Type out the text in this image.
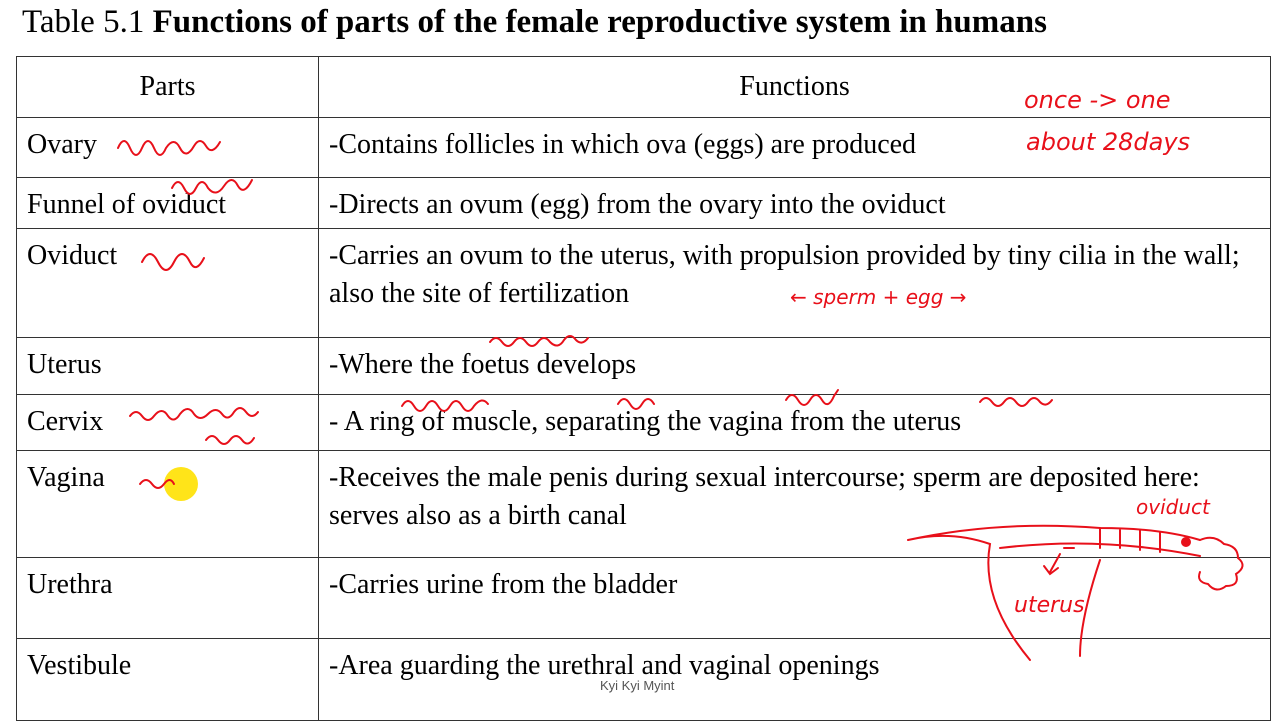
Table 5.1 Functions of parts of the female reproductive system in humans
Parts	Functions
Ovary	-Contains follicles in which ova (eggs) are produced
Funnel of oviduct	-Directs an ovum (egg) from the ovary into the oviduct
Oviduct	-Carries an ovum to the uterus, with propulsion provided by tiny cilia in the wall; also the site of fertilization
Uterus	-Where the foetus develops
Cervix	- A ring of muscle, separating the vagina from the uterus
Vagina	-Receives the male penis during sexual intercourse; sperm are deposited here: serves also as a birth canal
Urethra	-Carries urine from the bladder
Vestibule	-Area guarding the urethral and vaginal openings
Kyi Kyi Myint
once -> one
about 28days
← sperm + egg →
oviduct
uterus
